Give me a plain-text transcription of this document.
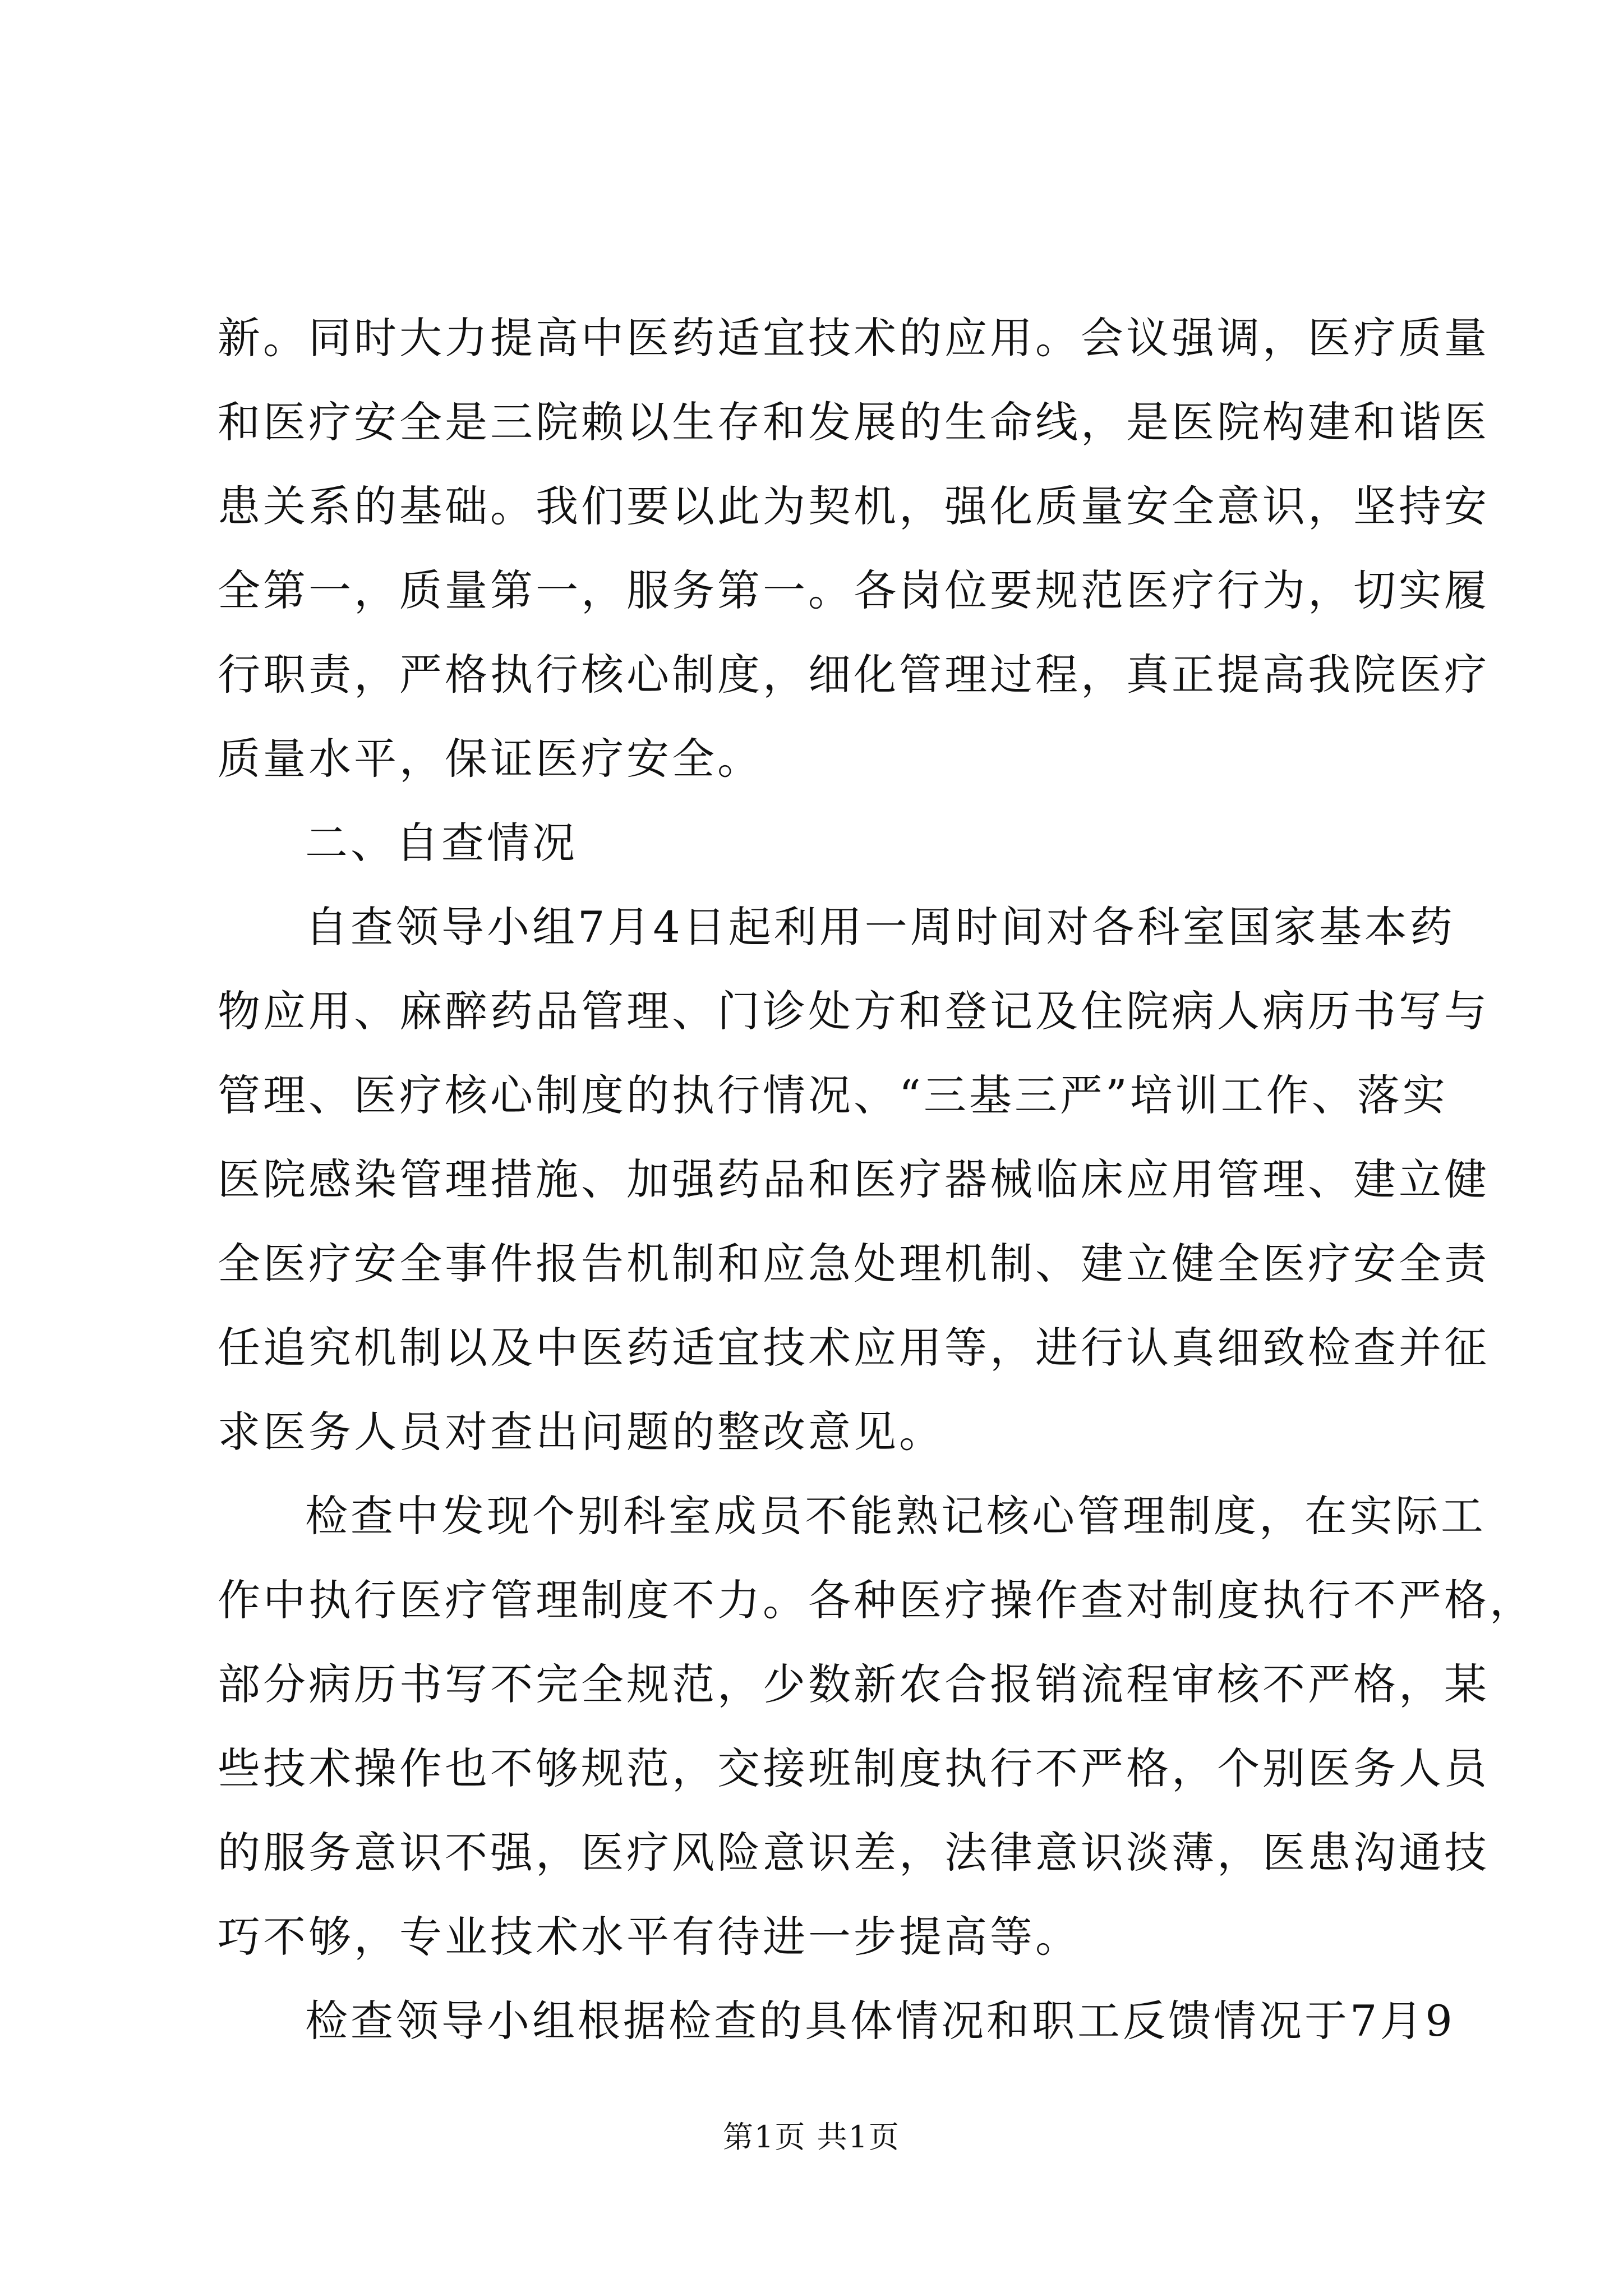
新。同时大力提高中医药适宜技术的应用。会议强调，医疗质量
和医疗安全是三院赖以生存和发展的生命线，是医院构建和谐医
患关系的基础。我们要以此为契机，强化质量安全意识，坚持安
全第一，质量第一，服务第一。各岗位要规范医疗行为，切实履
行职责，严格执行核心制度，细化管理过程，真正提高我院医疗
质量水平，保证医疗安全。
二、自查情况
自查领导小组7月4日起利用一周时间对各科室国家基本药
物应用、麻醉药品管理、门诊处方和登记及住院病人病历书写与
管理、医疗核心制度的执行情况、“三基三严”培训工作、落实
医院感染管理措施、加强药品和医疗器械临床应用管理、建立健
全医疗安全事件报告机制和应急处理机制、建立健全医疗安全责
任追究机制以及中医药适宜技术应用等，进行认真细致检查并征
求医务人员对查出问题的整改意见。
检查中发现个别科室成员不能熟记核心管理制度，在实际工
作中执行医疗管理制度不力。各种医疗操作查对制度执行不严格，
部分病历书写不完全规范，少数新农合报销流程审核不严格，某
些技术操作也不够规范，交接班制度执行不严格，个别医务人员
的服务意识不强，医疗风险意识差，法律意识淡薄，医患沟通技
巧不够，专业技术水平有待进一步提高等。
检查领导小组根据检查的具体情况和职工反馈情况于7月9
第1页 共1页
